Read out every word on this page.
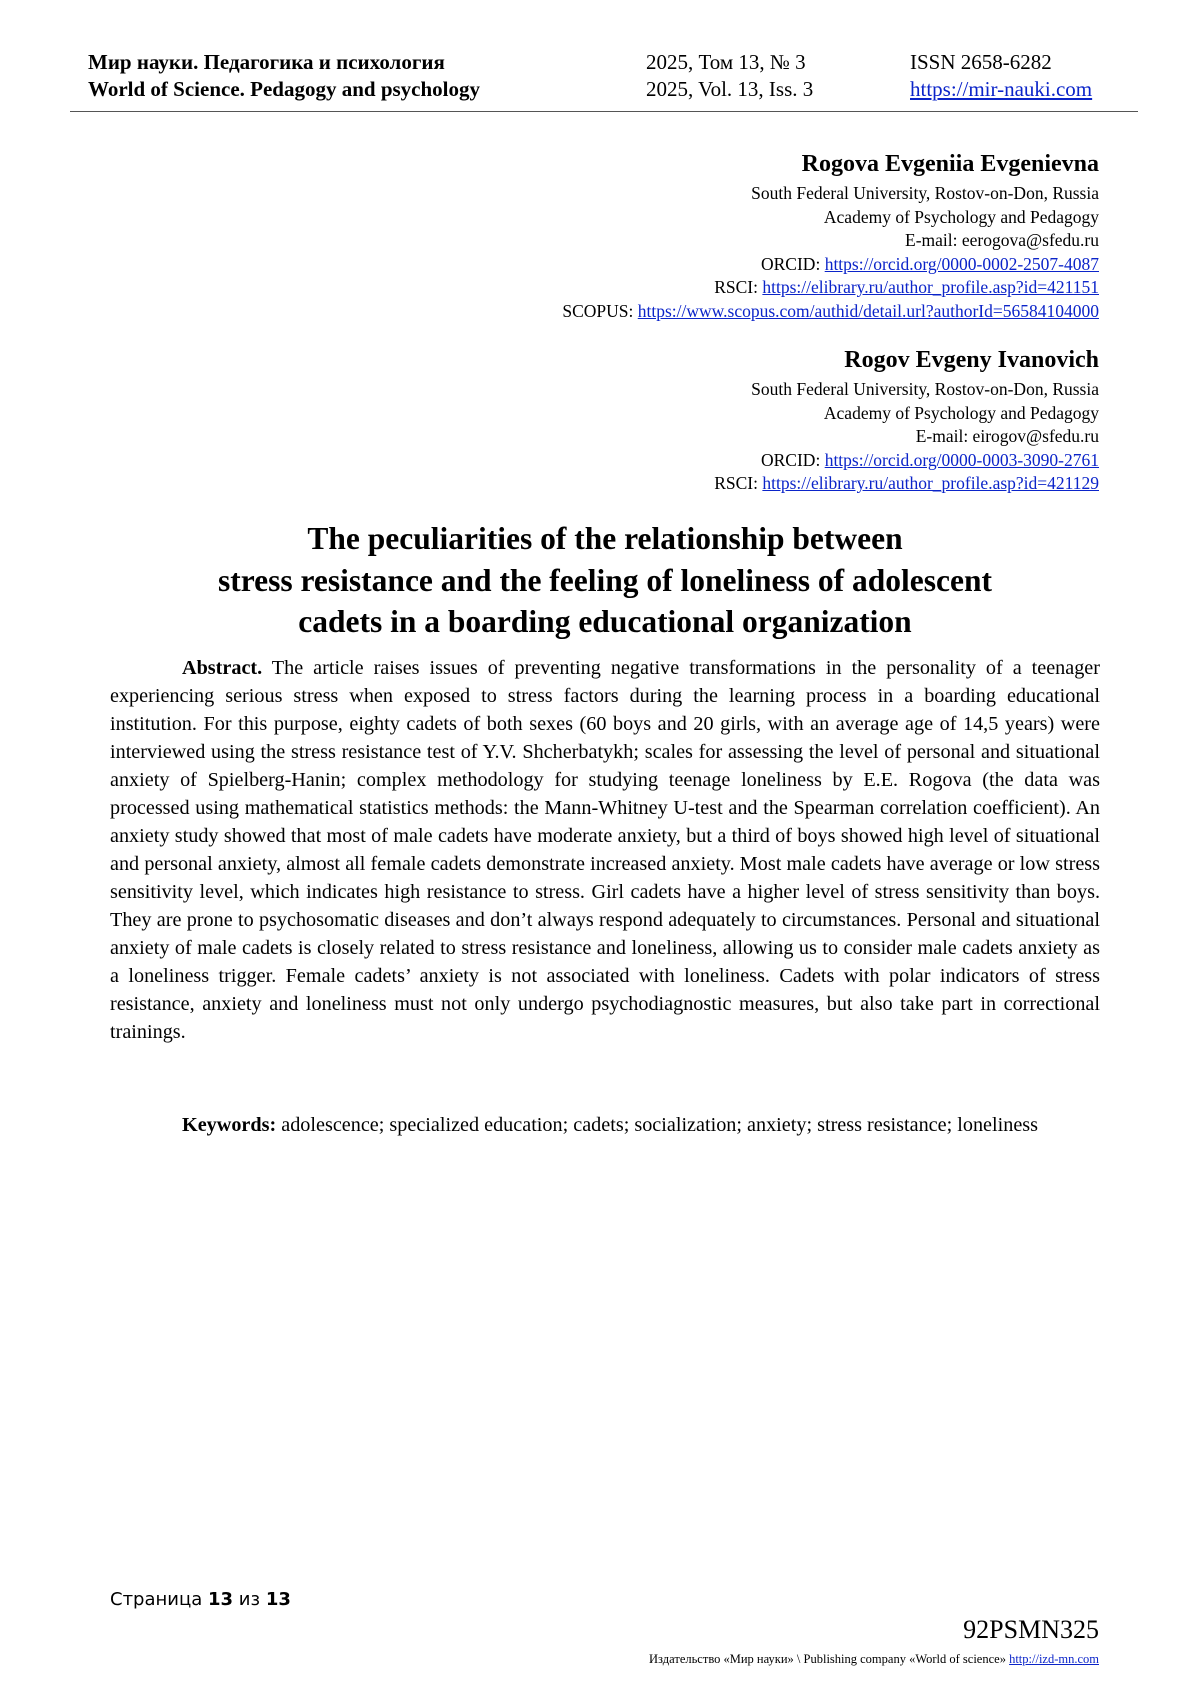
Мир науки. Педагогика и психология	2025, Том 13, № 3	ISSN 2658-6282
World of Science. Pedagogy and psychology	2025, Vol. 13, Iss. 3	https://mir-nauki.com
Rogova Evgeniia Evgenievna
South Federal University, Rostov-on-Don, Russia
Academy of Psychology and Pedagogy
E-mail: eerogova@sfedu.ru
ORCID: https://orcid.org/0000-0002-2507-4087
RSCI: https://elibrary.ru/author_profile.asp?id=421151
SCOPUS: https://www.scopus.com/authid/detail.url?authorId=56584104000
Rogov Evgeny Ivanovich
South Federal University, Rostov-on-Don, Russia
Academy of Psychology and Pedagogy
E-mail: eirogov@sfedu.ru
ORCID: https://orcid.org/0000-0003-3090-2761
RSCI: https://elibrary.ru/author_profile.asp?id=421129
The peculiarities of the relationship between
stress resistance and the feeling of loneliness of adolescent
cadets in a boarding educational organization
Abstract. The article raises issues of preventing negative transformations in the personality of a teenager experiencing serious stress when exposed to stress factors during the learning process in a boarding educational institution. For this purpose, eighty cadets of both sexes (60 boys and 20 girls, with an average age of 14,5 years) were interviewed using the stress resistance test of Y.V. Shcherbatykh; scales for assessing the level of personal and situational anxiety of Spielberg-Hanin; complex methodology for studying teenage loneliness by E.E. Rogova (the data was processed using mathematical statistics methods: the Mann-Whitney U-test and the Spearman correlation coefficient). An anxiety study showed that most of male cadets have moderate anxiety, but a third of boys showed high level of situational and personal anxiety, almost all female cadets demonstrate increased anxiety. Most male cadets have average or low stress sensitivity level, which indicates high resistance to stress. Girl cadets have a higher level of stress sensitivity than boys. They are prone to psychosomatic diseases and don’t always respond adequately to circumstances. Personal and situational anxiety of male cadets is closely related to stress resistance and loneliness, allowing us to consider male cadets anxiety as a loneliness trigger. Female cadets’ anxiety is not associated with loneliness. Cadets with polar indicators of stress resistance, anxiety and loneliness must not only undergo psychodiagnostic measures, but also take part in correctional trainings.
Keywords: adolescence; specialized education; cadets; socialization; anxiety; stress resistance; loneliness
Страница 13 из 13
92PSMN325
Издательство «Мир науки» \ Publishing company «World of science» http://izd-mn.com
